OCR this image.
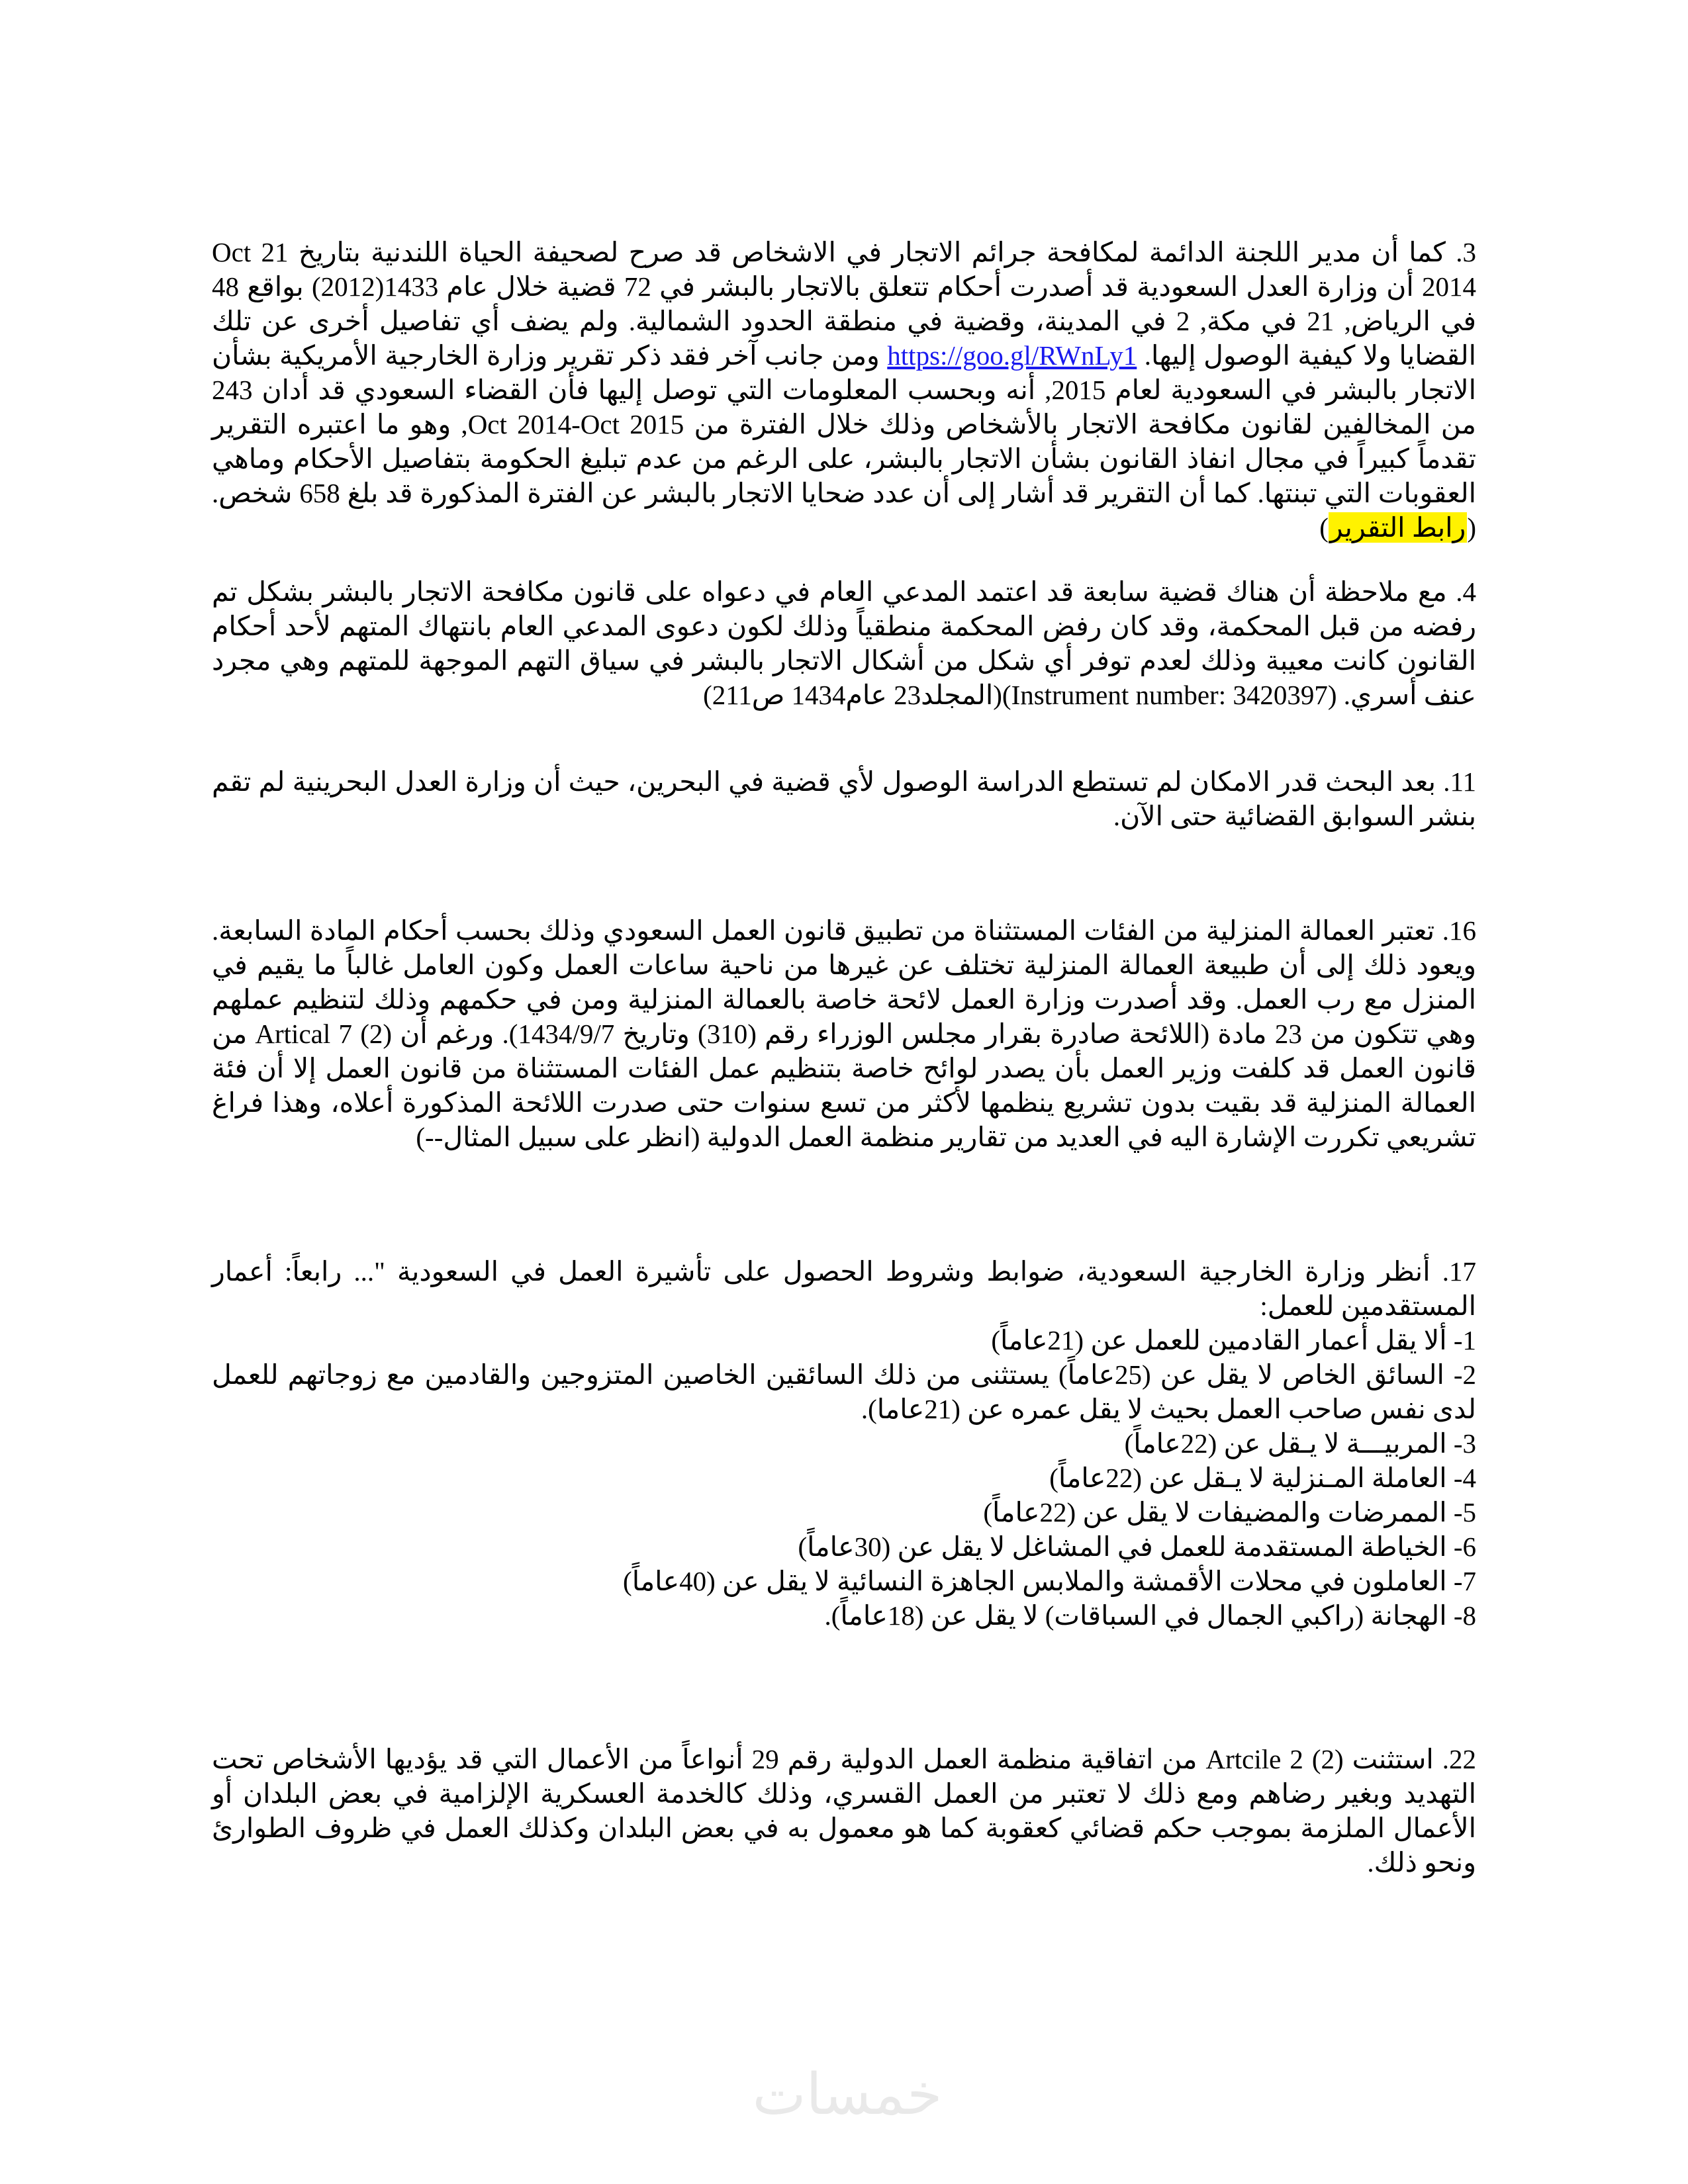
3. كما أن مدير اللجنة الدائمة لمكافحة جرائم الاتجار في الاشخاص قد صرح لصحيفة الحياة اللندنية بتاريخ 21 Oct 2014 أن وزارة العدل السعودية قد أصدرت أحكام تتعلق بالاتجار بالبشر في 72 قضية خلال عام 1433(2012) بواقع 48 في الرياض, 21 في مكة, 2 في المدينة، وقضية في منطقة الحدود الشمالية. ولم يضف أي تفاصيل أخرى عن تلك القضايا ولا كيفية الوصول إليها. https://goo.gl/RWnLy1 ومن جانب آخر فقد ذكر تقرير وزارة الخارجية الأمريكية بشأن الاتجار بالبشر في السعودية لعام 2015, أنه وبحسب المعلومات التي توصل إليها فأن القضاء السعودي قد أدان 243 من المخالفين لقانون مكافحة الاتجار بالأشخاص وذلك خلال الفترة من Oct 2014-Oct 2015, وهو ما اعتبره التقرير تقدماً كبيراً في مجال انفاذ القانون بشأن الاتجار بالبشر، على الرغم من عدم تبليغ الحكومة بتفاصيل الأحكام وماهي العقوبات التي تبنتها. كما أن التقرير قد أشار إلى أن عدد ضحايا الاتجار بالبشر عن الفترة المذكورة قد بلغ 658 شخص. (رابط التقرير)

4. مع ملاحظة أن هناك قضية سابعة قد اعتمد المدعي العام في دعواه على قانون مكافحة الاتجار بالبشر بشكل تم رفضه من قبل المحكمة، وقد كان رفض المحكمة منطقياً وذلك لكون دعوى المدعي العام بانتهاك المتهم لأحد أحكام القانون كانت معيبة وذلك لعدم توفر أي شكل من أشكال الاتجار بالبشر في سياق التهم الموجهة للمتهم وهي مجرد عنف أسري. (Instrument number: 3420397)(المجلد23 عام1434 ص211)

11. بعد البحث قدر الامكان لم تستطع الدراسة الوصول لأي قضية في البحرين، حيث أن وزارة العدل البحرينية لم تقم بنشر السوابق القضائية حتى الآن.

16. تعتبر العمالة المنزلية من الفئات المستثناة من تطبيق قانون العمل السعودي وذلك بحسب أحكام المادة السابعة. ويعود ذلك إلى أن طبيعة العمالة المنزلية تختلف عن غيرها من ناحية ساعات العمل وكون العامل غالباً ما يقيم في المنزل مع رب العمل. وقد أصدرت وزارة العمل لائحة خاصة بالعمالة المنزلية ومن في حكمهم وذلك لتنظيم عملهم وهي تتكون من 23 مادة (اللائحة صادرة بقرار مجلس الوزراء رقم (310) وتاريخ 1434/9/7). ورغم أن (2) Artical 7 من قانون العمل قد كلفت وزير العمل بأن يصدر لوائح خاصة بتنظيم عمل الفئات المستثناة من قانون العمل إلا أن فئة العمالة المنزلية قد بقيت بدون تشريع ينظمها لأكثر من تسع سنوات حتى صدرت اللائحة المذكورة أعلاه، وهذا فراغ تشريعي تكررت الإشارة اليه في العديد من تقارير منظمة العمل الدولية (انظر على سبيل المثال--)

17. أنظر وزارة الخارجية السعودية، ضوابط وشروط الحصول على تأشيرة العمل في السعودية "... رابعاً: أعمار المستقدمين للعمل:

1- ألا يقل أعمار القادمين للعمل عن (21عاماً)

2- السائق الخاص لا يقل عن (25عاماً) يستثنى من ذلك السائقين الخاصين المتزوجين والقادمين مع زوجاتهم للعمل لدى نفس صاحب العمل بحيث لا يقل عمره عن (21عاما).

3- المربيـــة لا يـقل عن (22عاماً)

4- العاملة المـنزلية لا يـقل عن (22عاماً)

5- الممرضات والمضيفات لا يقل عن (22عاماً)

6- الخياطة المستقدمة للعمل في المشاغل لا يقل عن (30عاماً)

7- العاملون في محلات الأقمشة والملابس الجاهزة النسائية لا يقل عن (40عاماً)

8- الهجانة (راكبي الجمال في السباقات) لا يقل عن (18عاماً).

22. استثنت (2) Artcile 2 من اتفاقية منظمة العمل الدولية رقم 29 أنواعاً من الأعمال التي قد يؤديها الأشخاص تحت التهديد وبغير رضاهم ومع ذلك لا تعتبر من العمل القسري، وذلك كالخدمة العسكرية الإلزامية في بعض البلدان أو الأعمال الملزمة بموجب حكم قضائي كعقوبة كما هو معمول به في بعض البلدان وكذلك العمل في ظروف الطوارئ ونحو ذلك.

خمسات
